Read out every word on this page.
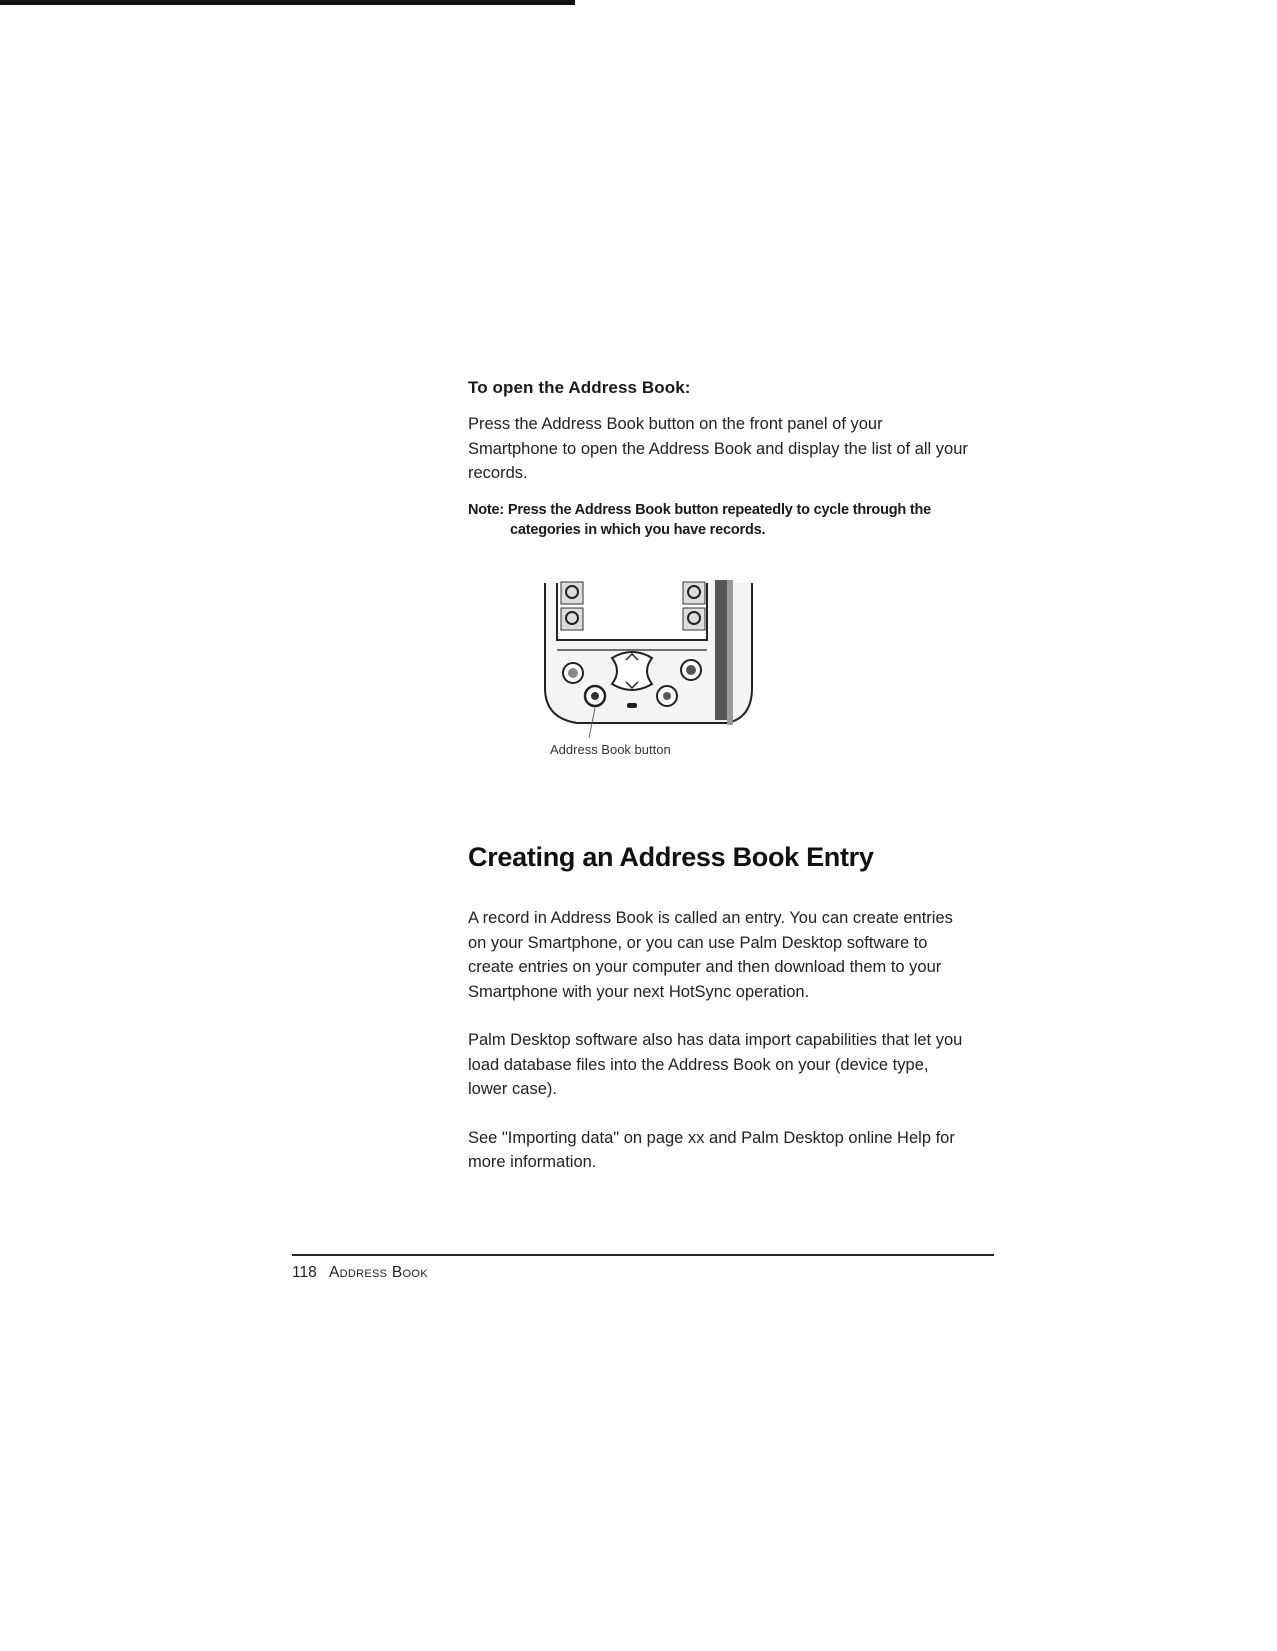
To open the Address Book:

Press the Address Book button on the front panel of your Smartphone to open the Address Book and display the list of all your records.

Note: Press the Address Book button repeatedly to cycle through the categories in which you have records.
Address Book button
Creating an Address Book Entry

A record in Address Book is called an entry. You can create entries on your Smartphone, or you can use Palm Desktop software to create entries on your computer and then download them to your Smartphone with your next HotSync operation.

Palm Desktop software also has data import capabilities that let you load database files into the Address Book on your (device type, lower case).

See "Importing data" on page xx and Palm Desktop online Help for more information.

118 Address Book
